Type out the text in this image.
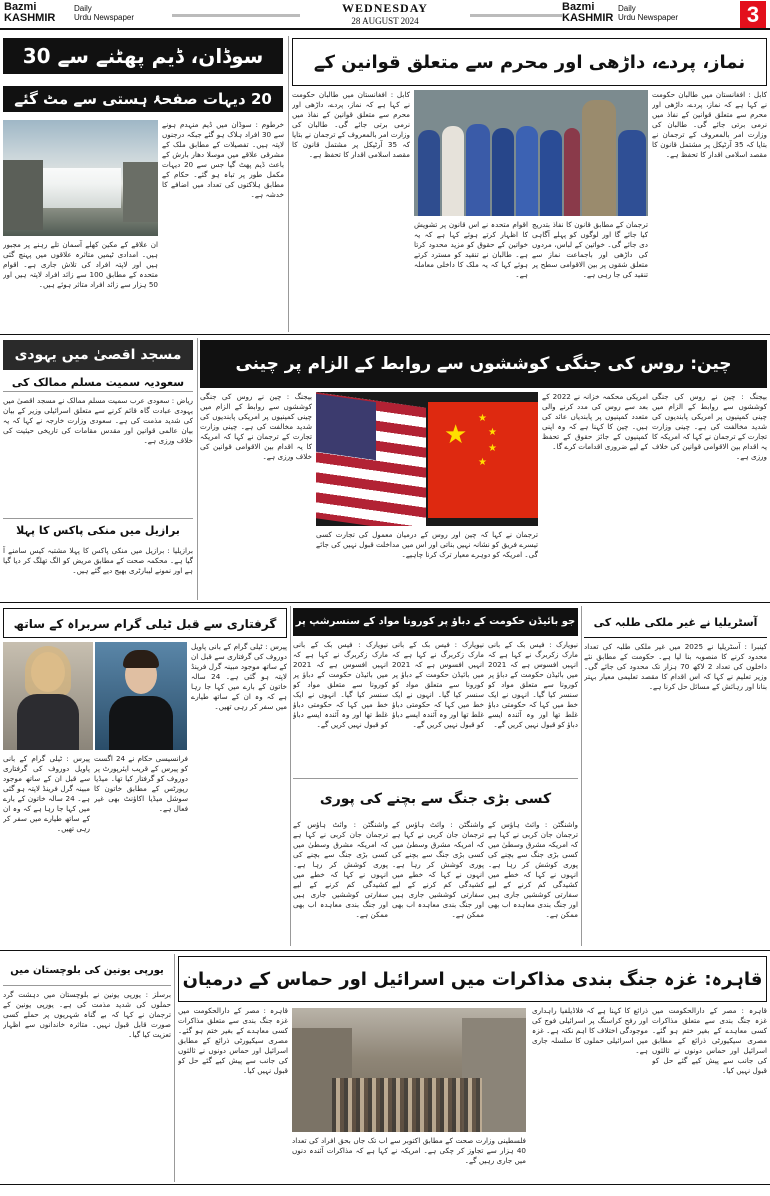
Bazmi
KASHMIR
Daily
Urdu Newspaper
WEDNESDAY
28 AUGUST 2024
Bazmi
KASHMIR
Daily
Urdu Newspaper	3
سوڈان، ڈیم پھٹنے سے 30
20 دیہات صفحۂ ہستی سے مٹ گئے
خرطوم : سوڈان میں ڈیم منہدم ہونے سے 30 افراد ہلاک ہو گئے جبکہ درجنوں لاپتہ ہیں۔ تفصیلات کے مطابق ملک کے مشرقی علاقے میں موسلا دھار بارش کے باعث ڈیم پھٹ گیا جس سے 20 دیہات مکمل طور پر تباہ ہو گئے۔ حکام کے مطابق ہلاکتوں کی تعداد میں اضافے کا خدشہ ہے۔
ان علاقے کے مکین کھلے آسمان تلے رہنے پر مجبور ہیں۔ امدادی ٹیمیں متاثرہ علاقوں میں پہنچ گئی ہیں اور لاپتہ افراد کی تلاش جاری ہے۔ اقوام متحدہ کے مطابق 100 سے زائد افراد لاپتہ ہیں اور 50 ہزار سے زائد افراد متاثر ہوئے ہیں۔
نماز، پردے، داڑھی اور محرم سے متعلق قوانین کے
کابل : افغانستان میں طالبان حکومت نے کہا ہے کہ نماز، پردے، داڑھی اور محرم سے متعلق قوانین کے نفاذ میں نرمی برتی جائے گی۔ طالبان کی وزارت امر بالمعروف کے ترجمان نے بتایا کہ 35 آرٹیکل پر مشتمل قانون کا مقصد اسلامی اقدار کا تحفظ ہے۔
ترجمان کے مطابق قانون کا نفاذ بتدریج کیا جائے گا اور لوگوں کو پہلے آگاہی دی جائے گی۔ خواتین کے لباس، مردوں کی داڑھی اور باجماعت نماز سے متعلق شقوں پر بین الاقوامی سطح پر تنقید کی جا رہی ہے۔
اقوام متحدہ نے اس قانون پر تشویش کا اظہار کرتے ہوئے کہا ہے کہ یہ خواتین کے حقوق کو مزید محدود کرتا ہے۔ طالبان نے تنقید کو مسترد کرتے ہوئے کہا کہ یہ ملک کا داخلی معاملہ ہے۔
کابل : افغانستان میں طالبان حکومت نے کہا ہے کہ نماز، پردے، داڑھی اور محرم سے متعلق قوانین کے نفاذ میں نرمی برتی جائے گی۔ طالبان کی وزارت امر بالمعروف کے ترجمان نے بتایا کہ 35 آرٹیکل پر مشتمل قانون کا مقصد اسلامی اقدار کا تحفظ ہے۔
مسجد اقصیٰ میں یہودی
سعودیہ سمیت مسلم ممالک کی
ریاض : سعودی عرب سمیت مسلم ممالک نے مسجد اقصیٰ میں یہودی عبادت گاہ قائم کرنے سے متعلق اسرائیلی وزیر کے بیان کی شدید مذمت کی ہے۔ سعودی وزارت خارجہ نے کہا کہ یہ بیان عالمی قوانین اور مقدس مقامات کی تاریخی حیثیت کی خلاف ورزی ہے۔
برازیل میں منکی پاکس کا پہلا
برازیلیا : برازیل میں منکی پاکس کا پہلا مشتبہ کیس سامنے آ گیا ہے۔ محکمہ صحت کے مطابق مریض کو الگ تھلگ کر دیا گیا ہے اور نمونے لیبارٹری بھیج دیے گئے ہیں۔
چین: روس کی جنگی کوششوں سے روابط کے الزام پر چینی
بیجنگ : چین نے روس کی جنگی کوششوں سے روابط کے الزام میں چینی کمپنیوں پر امریکی پابندیوں کی شدید مخالفت کی ہے۔ چینی وزارت تجارت کے ترجمان نے کہا کہ امریکہ کا یہ اقدام بین الاقوامی قوانین کی خلاف ورزی ہے۔
امریکی محکمہ خزانہ نے 2022 کے بعد سے روس کی مدد کرنے والی متعدد کمپنیوں پر پابندیاں عائد کی ہیں۔ چین کا کہنا ہے کہ وہ اپنی کمپنیوں کے جائز حقوق کے تحفظ کے لیے ضروری اقدامات کرے گا۔
★
★
★
★
★
ترجمان نے کہا کہ چین اور روس کے درمیان معمول کی تجارت کسی تیسرے فریق کو نشانہ نہیں بناتی اور اس میں مداخلت قبول نہیں کی جائے گی۔ امریکہ کو دوہرے معیار ترک کرنا چاہیے۔
بیجنگ : چین نے روس کی جنگی کوششوں سے روابط کے الزام میں چینی کمپنیوں پر امریکی پابندیوں کی شدید مخالفت کی ہے۔ چینی وزارت تجارت کے ترجمان نے کہا کہ امریکہ کا یہ اقدام بین الاقوامی قوانین کی خلاف ورزی ہے۔
گرفتاری سے قبل ٹیلی گرام سربراہ کے ساتھ
پیرس : ٹیلی گرام کے بانی پاویل دوروف کی گرفتاری سے قبل ان کے ساتھ موجود مبینہ گرل فرینڈ لاپتہ ہو گئی ہے۔ 24 سالہ خاتون کے بارے میں کہا جا رہا ہے کہ وہ ان کے ساتھ طیارے میں سفر کر رہی تھیں۔
فرانسیسی حکام نے 24 اگست کو پیرس کے قریب ایئرپورٹ پر دوروف کو گرفتار کیا تھا۔ میڈیا رپورٹس کے مطابق خاتون کا سوشل میڈیا اکاؤنٹ بھی غیر فعال ہے۔
پیرس : ٹیلی گرام کے بانی پاویل دوروف کی گرفتاری سے قبل ان کے ساتھ موجود مبینہ گرل فرینڈ لاپتہ ہو گئی ہے۔ 24 سالہ خاتون کے بارے میں کہا جا رہا ہے کہ وہ ان کے ساتھ طیارے میں سفر کر رہی تھیں۔
جو بائیڈن حکومت کے دباؤ پر کورونا مواد کے سنسرشپ پر
نیویارک : فیس بک کے بانی مارک زکربرگ نے کہا ہے کہ انہیں افسوس ہے کہ 2021 میں بائیڈن حکومت کے دباؤ پر کورونا سے متعلق مواد کو سنسر کیا گیا۔ انہوں نے ایک خط میں کہا کہ حکومتی دباؤ غلط تھا اور وہ آئندہ ایسے دباؤ کو قبول نہیں کریں گے۔
نیویارک : فیس بک کے بانی مارک زکربرگ نے کہا ہے کہ انہیں افسوس ہے کہ 2021 میں بائیڈن حکومت کے دباؤ پر کورونا سے متعلق مواد کو سنسر کیا گیا۔ انہوں نے ایک خط میں کہا کہ حکومتی دباؤ غلط تھا اور وہ آئندہ ایسے دباؤ کو قبول نہیں کریں گے۔
نیویارک : فیس بک کے بانی مارک زکربرگ نے کہا ہے کہ انہیں افسوس ہے کہ 2021 میں بائیڈن حکومت کے دباؤ پر کورونا سے متعلق مواد کو سنسر کیا گیا۔ انہوں نے ایک خط میں کہا کہ حکومتی دباؤ غلط تھا اور وہ آئندہ ایسے دباؤ کو قبول نہیں کریں گے۔
آسٹریلیا نے غیر ملکی طلبہ کی
کینبرا : آسٹریلیا نے 2025 میں غیر ملکی طلبہ کی تعداد محدود کرنے کا منصوبہ بنا لیا ہے۔ حکومت کے مطابق نئے داخلوں کی تعداد 2 لاکھ 70 ہزار تک محدود کی جائے گی۔ وزیر تعلیم نے کہا کہ اس اقدام کا مقصد تعلیمی معیار بہتر بنانا اور رہائش کے مسائل حل کرنا ہے۔
کسی بڑی جنگ سے بچنے کی پوری
واشنگٹن : وائٹ ہاؤس کے ترجمان جان کربی نے کہا ہے کہ امریکہ مشرق وسطیٰ میں کسی بڑی جنگ سے بچنے کی پوری کوشش کر رہا ہے۔ انہوں نے کہا کہ خطے میں کشیدگی کم کرنے کے لیے سفارتی کوششیں جاری ہیں اور جنگ بندی معاہدہ اب بھی ممکن ہے۔
واشنگٹن : وائٹ ہاؤس کے ترجمان جان کربی نے کہا ہے کہ امریکہ مشرق وسطیٰ میں کسی بڑی جنگ سے بچنے کی پوری کوشش کر رہا ہے۔ انہوں نے کہا کہ خطے میں کشیدگی کم کرنے کے لیے سفارتی کوششیں جاری ہیں اور جنگ بندی معاہدہ اب بھی ممکن ہے۔
واشنگٹن : وائٹ ہاؤس کے ترجمان جان کربی نے کہا ہے کہ امریکہ مشرق وسطیٰ میں کسی بڑی جنگ سے بچنے کی پوری کوشش کر رہا ہے۔ انہوں نے کہا کہ خطے میں کشیدگی کم کرنے کے لیے سفارتی کوششیں جاری ہیں اور جنگ بندی معاہدہ اب بھی ممکن ہے۔
یورپی یونین کی بلوچستان میں
برسلز : یورپی یونین نے بلوچستان میں دہشت گرد حملوں کی شدید مذمت کی ہے۔ یورپی یونین کے ترجمان نے کہا کہ بے گناہ شہریوں پر حملے کسی صورت قابل قبول نہیں۔ متاثرہ خاندانوں سے اظہار تعزیت کیا گیا۔
قاہرہ: غزہ جنگ بندی مذاکرات میں اسرائیل اور حماس کے درمیان
قاہرہ : مصر کے دارالحکومت میں غزہ جنگ بندی سے متعلق مذاکرات کسی معاہدے کے بغیر ختم ہو گئے۔ مصری سیکیورٹی ذرائع کے مطابق اسرائیل اور حماس دونوں نے ثالثوں کی جانب سے پیش کیے گئے حل کو قبول نہیں کیا۔
ذرائع کا کہنا ہے کہ فلاڈیلفیا راہداری اور رفح کراسنگ پر اسرائیلی فوج کی موجودگی اختلاف کا اہم نکتہ ہے۔ غزہ میں اسرائیلی حملوں کا سلسلہ جاری ہے۔
فلسطینی وزارت صحت کے مطابق اکتوبر سے اب تک جاں بحق افراد کی تعداد 40 ہزار سے تجاوز کر چکی ہے۔ امریکہ نے کہا ہے کہ مذاکرات آئندہ دنوں میں جاری رہیں گے۔
قاہرہ : مصر کے دارالحکومت میں غزہ جنگ بندی سے متعلق مذاکرات کسی معاہدے کے بغیر ختم ہو گئے۔ مصری سیکیورٹی ذرائع کے مطابق اسرائیل اور حماس دونوں نے ثالثوں کی جانب سے پیش کیے گئے حل کو قبول نہیں کیا۔
